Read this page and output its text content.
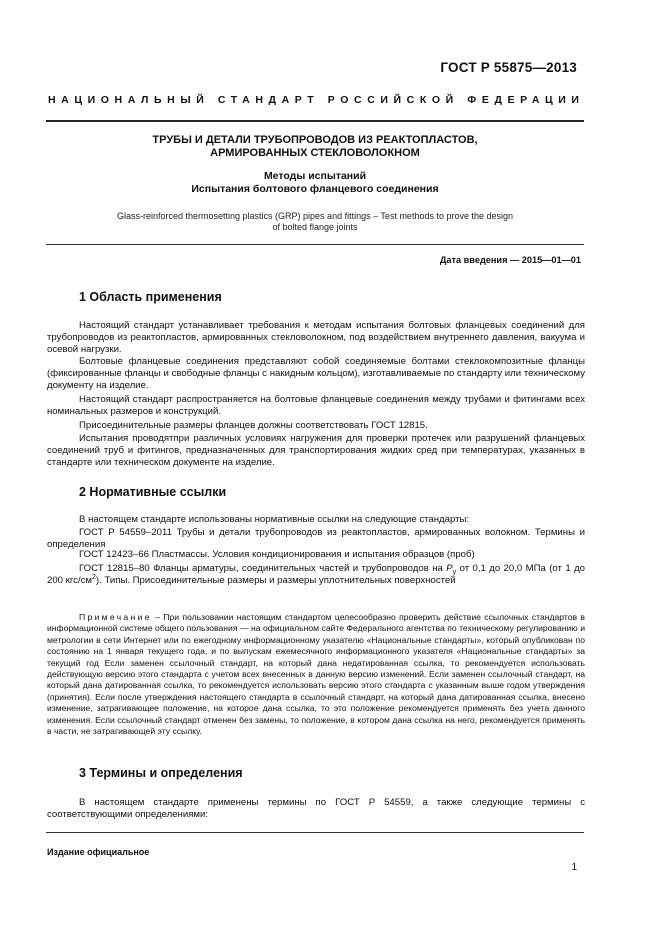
ГОСТ Р 55875—2013
НАЦИОНАЛЬНЫЙ СТАНДАРТ РОССИЙСКОЙ ФЕДЕРАЦИИ
ТРУБЫ И ДЕТАЛИ ТРУБОПРОВОДОВ ИЗ РЕАКТОПЛАСТОВ,
АРМИРОВАННЫХ СТЕКЛОВОЛОКНОМ
Методы испытаний
Испытания болтового фланцевого соединения
Glass-reinforced thermosetting plastics (GRP) pipes and fittings – Test methods to prove the design
of bolted flange joints
Дата введения — 2015—01—01
1 Область применения
Настоящий стандарт устанавливает требования к методам испытания болтовых фланцевых соединений для трубопроводов из реактопластов, армированных стекловолокном, под воздействием внутреннего давления, вакуума и осевой нагрузки.
Болтовые фланцевые соединения представляют собой соединяемые болтами стеклокомпозитные фланцы (фиксированные фланцы и свободные фланцы с накидным кольцом), изготавливаемые по стандарту или техническому документу на изделие.
Настоящий стандарт распространяется на болтовые фланцевые соединения между трубами и фитингами всех номинальных размеров и конструкций.
Присоединительные размеры фланцев должны соответствовать ГОСТ 12815.
Испытания проводятпри различных условиях нагружения для проверки протечек или разрушений фланцевых соединений труб и фитингов, предназначенных для транспортирования жидких сред при температурах, указанных в стандарте или техническом документе на изделие.
2 Нормативные ссылки
В настоящем стандарте использованы нормативные ссылки на следующие стандарты:
ГОСТ Р 54559–2011 Трубы и детали трубопроводов из реактопластов, армированных волокном. Термины и определения
ГОСТ 12423–66 Пластмассы. Условия кондиционирования и испытания образцов (проб)
ГОСТ 12815–80 Фланцы арматуры, соединительных частей и трубопроводов на $P_у$ от 0,1 до 20,0 МПа (от 1 до 200 кгс/$см^2$). Типы. Присоединительные размеры и размеры уплотнительных поверхностей
Примечание – При пользовании настоящим стандартом целесообразно проверить действие ссылочных стандартов в информационной системе общего пользования — на официальном сайте Федерального агентства по техническому регулированию и метрологии в сети Интернет или по ежегодному информационному указателю «Национальные стандарты», который опубликован по состоянию на 1 января текущего года, и по выпускам ежемесячного информационного указателя «Национальные стандарты» за текущий год Если заменен ссылочный стандарт, на который дана недатированная ссылка, то рекомендуется использовать действующую версию этого стандарта с учетом всех внесенных в данную версию изменений. Если заменен ссылочный стандарт, на который дана датированная ссылка, то рекомендуется использовать версию этого стандарта с указанным выше годом утверждения (принятия). Если после утверждения настоящего стандарта в ссылочный стандарт, на который дана датированная ссылка, внесено изменение, затрагивающее положение, на которое дана ссылка, то это положение рекомендуется применять без учета данного изменения. Если ссылочный стандарт отменен без замены, то положение, в котором дана ссылка на него, рекомендуется применять в части, не затрагивающей эту ссылку.
3 Термины и определения
В настоящем стандарте применены термины по ГОСТ Р 54559, а также следующие термины с соответствующими определениями:
Издание официальное
1
